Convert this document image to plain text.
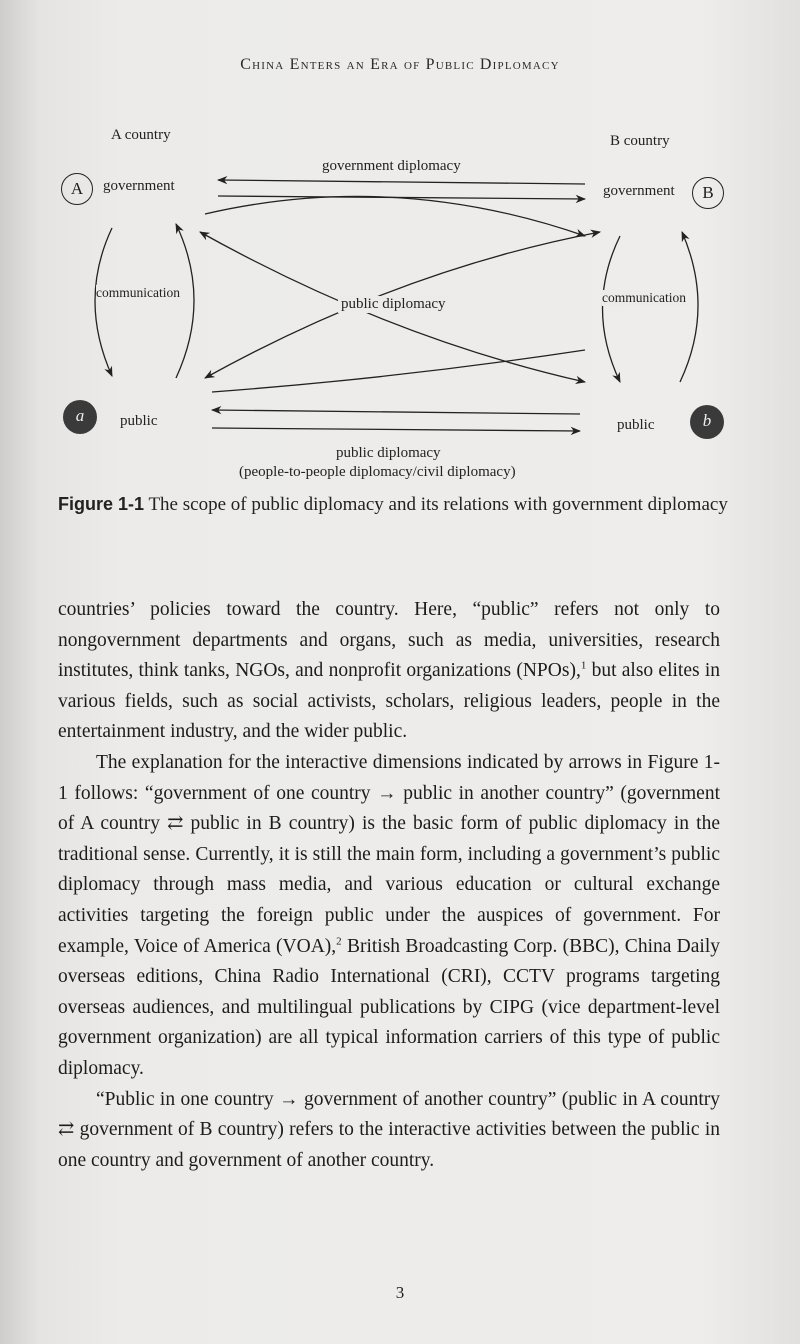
China Enters an Era of Public Diplomacy
A country	B country
A	government
government diplomacy
government	B
communication	communication
public diplomacy
a	public	public	b
public diplomacy
(people-to-people diplomacy/civil diplomacy)
Figure 1-1 The scope of public diplomacy and its relations with government diplomacy

countries’ policies toward the country. Here, “public” refers not only to nongovernment departments and organs, such as media, universities, research institutes, think tanks, NGOs, and nonprofit organizations (NPOs),$^1$ but also elites in various fields, such as social activists, scholars, religious leaders, people in the entertainment industry, and the wider public.

The explanation for the interactive dimensions indicated by arrows in Figure 1-1 follows: “government of one country → public in another country” (government of A country ⇄ public in B country) is the basic form of public diplomacy in the traditional sense. Currently, it is still the main form, including a government’s public diplomacy through mass media, and various education or cultural exchange activities targeting the foreign public under the auspices of government. For example, Voice of America (VOA),$^2$ British Broadcasting Corp. (BBC), China Daily overseas editions, China Radio International (CRI), CCTV programs targeting overseas audiences, and multilingual publications by CIPG (vice department-level government organization) are all typical information carriers of this type of public diplomacy.

“Public in one country → government of another country” (public in A country ⇄ government of B country) refers to the interactive activities between the public in one country and government of another country.

3
